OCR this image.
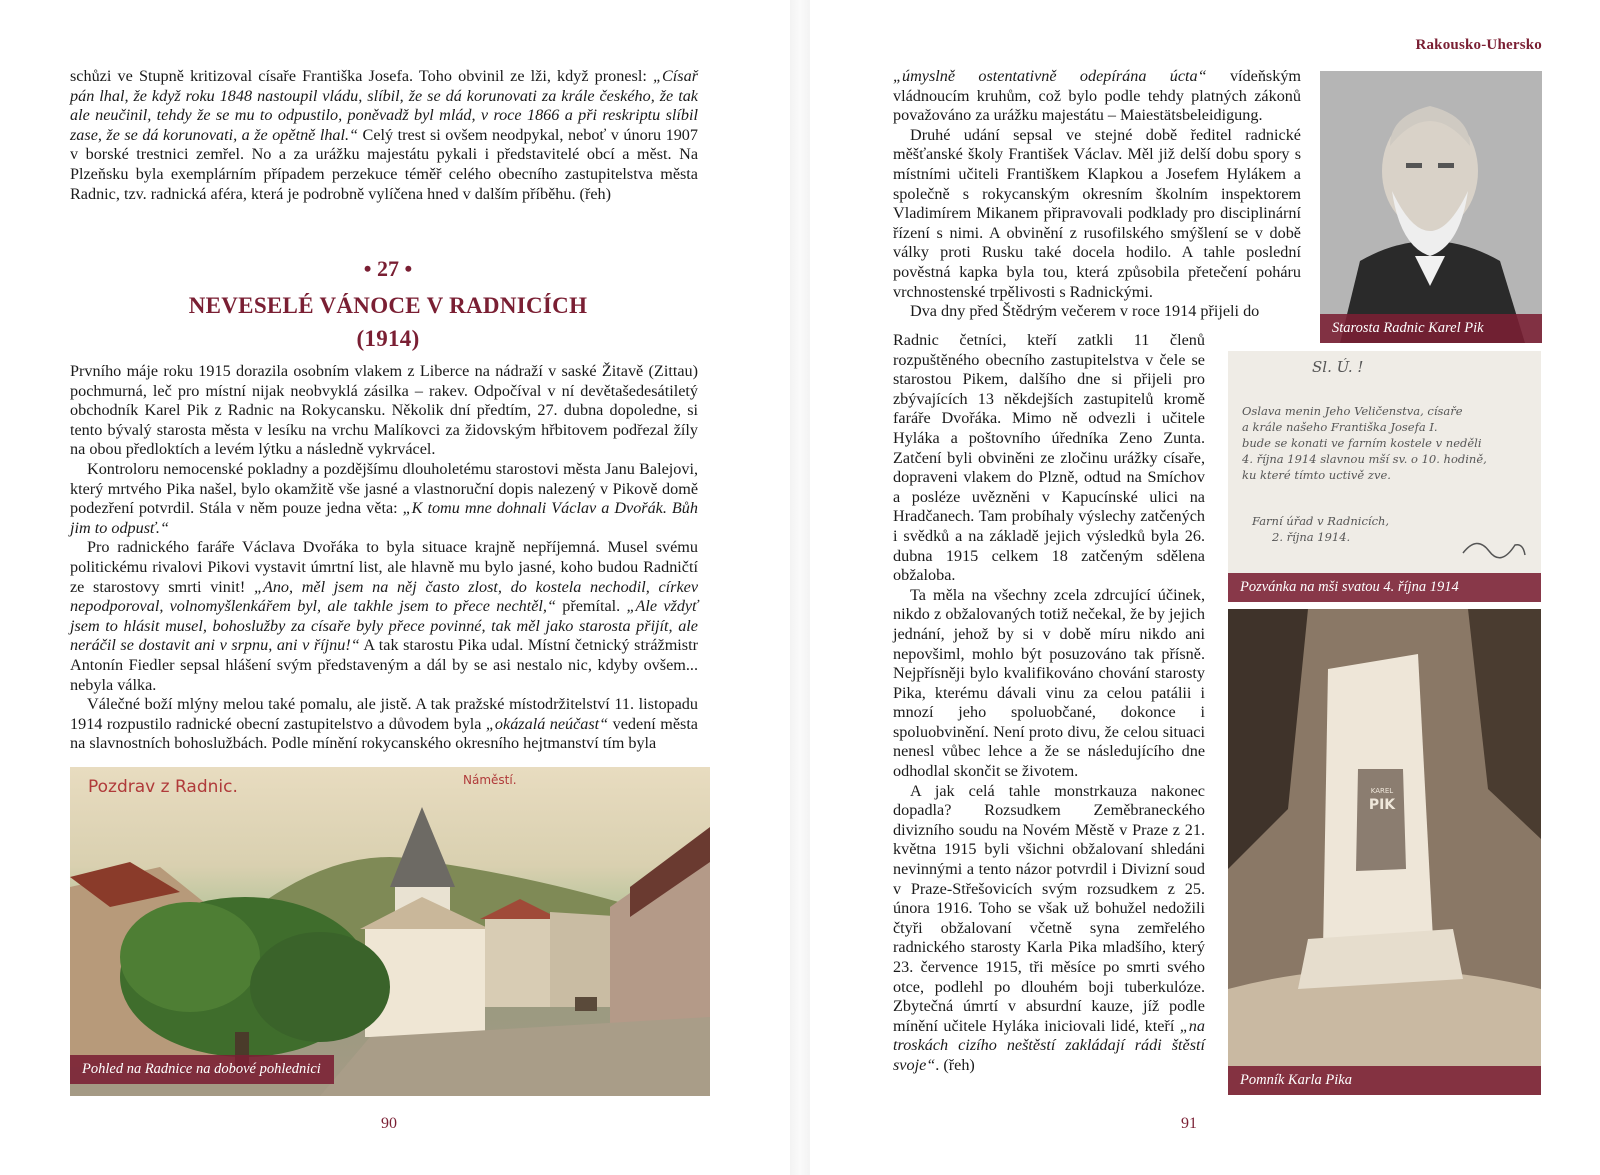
schůzi ve Stupně kritizoval císaře Františka Josefa. Toho obvinil ze lži, když pronesl: „Císař pán lhal, že když roku 1848 nastoupil vládu, slíbil, že se dá korunovati za krále českého, že tak ale neučinil, tehdy že se mu to odpustilo, poněvadž byl mlád, v roce 1866 a při reskriptu slíbil zase, že se dá korunovati, a že opětně lhal.“ Celý trest si ovšem neodpykal, neboť v únoru 1907 v borské trestnici zemřel. No a za urážku majestátu pykali i představitelé obcí a měst. Na Plzeňsku byla exemplárním případem perzekuce téměř celého obecního zastupitelstva města Radnic, tzv. radnická aféra, která je podrobně vylíčena hned v dalším příběhu. (řeh)

• 27 •
NEVESELÉ VÁNOCE V RADNICÍCH
(1914)

Prvního máje roku 1915 dorazila osobním vlakem z Liberce na nádraží v saské Žitavě (Zittau) pochmurná, leč pro místní nijak neobvyklá zásilka – rakev. Odpočíval v ní devětašedesátiletý obchodník Karel Pik z Radnic na Rokycansku. Několik dní předtím, 27. dubna dopoledne, si tento bývalý starosta města v lesíku na vrchu Malíkovci za židovským hřbitovem podřezal žíly na obou předloktích a levém lýtku a následně vykrvácel.

Kontroloru nemocenské pokladny a pozdějšímu dlouholetému starostovi města Janu Balejovi, který mrtvého Pika našel, bylo okamžitě vše jasné a vlastnoruční dopis nalezený v Pikově domě podezření potvrdil. Stála v něm pouze jedna věta: „K tomu mne dohnali Václav a Dvořák. Bůh jim to odpusť.“

Pro radnického faráře Václava Dvořáka to byla situace krajně nepříjemná. Musel svému politickému rivalovi Pikovi vystavit úmrtní list, ale hlavně mu bylo jasné, koho budou Radničtí ze starostovy smrti vinit! „Ano, měl jsem na něj často zlost, do kostela nechodil, církev nepodporoval, volnomyšlenkářem byl, ale takhle jsem to přece nechtěl,“ přemítal. „Ale vždyť jsem to hlásit musel, bohoslužby za císaře byly přece povinné, tak měl jako starosta přijít, ale neráčil se dostavit ani v srpnu, ani v říjnu!“ A tak starostu Pika udal. Místní četnický strážmistr Antonín Fiedler sepsal hlášení svým představeným a dál by se asi nestalo nic, kdyby ovšem... nebyla válka.

Válečné boží mlýny melou také pomalu, ale jistě. A tak pražské místodržitelství 11. listopadu 1914 rozpustilo radnické obecní zastupitelstvo a důvodem byla „okázalá neúčast“ vedení města na slavnostních bohoslužbách. Podle mínění rokycanského okresního hejtmanství tím byla

Pozdrav z Radnic.	Náměstí.
Pohled na Radnice na dobové pohlednici
90
Rakousko-Uhersko

„úmyslně ostentativně odepírána úcta“ vídeňským vládnoucím kruhům, což bylo podle tehdy platných zákonů považováno za urážku majestátu – Maiestätsbeleidigung.

Druhé udání sepsal ve stejné době ředitel radnické měšťanské školy František Václav. Měl již delší dobu spory s místními učiteli Františkem Klapkou a Josefem Hylákem a společně s rokycanským okresním školním inspektorem Vladimírem Mikanem připravovali podklady pro disciplinární řízení s nimi. A obvinění z rusofilského smýšlení se v době války proti Rusku také docela hodilo. A tahle poslední pověstná kapka byla tou, která způsobila přetečení poháru vrchnostenské trpělivosti s Radnickými.

Dva dny před Štědrým večerem v roce 1914 přijeli do

Radnic četníci, kteří zatkli 11 členů rozpuštěného obecního zastupitelstva v čele se starostou Pikem, dalšího dne si přijeli pro zbývajících 13 někdejších zastupitelů kromě faráře Dvořáka. Mimo ně odvezli i učitele Hyláka a poštovního úředníka Zeno Zunta. Zatčení byli obviněni ze zločinu urážky císaře, dopraveni vlakem do Plzně, odtud na Smíchov a posléze uvězněni v Kapucínské ulici na Hradčanech. Tam probíhaly výslechy zatčených i svědků a na základě jejich výsledků byla 26. dubna 1915 celkem 18 zatčeným sdělena obžaloba.

Ta měla na všechny zcela zdrcující účinek, nikdo z obžalovaných totiž nečekal, že by jejich jednání, jehož by si v době míru nikdo ani nepovšiml, mohlo být posuzováno tak přísně. Nejpřísněji bylo kvalifikováno chování starosty Pika, kterému dávali vinu za celou patálii i mnozí jeho spoluobčané, dokonce i spoluobvinění. Není proto divu, že celou situaci nenesl vůbec lehce a že se následujícího dne odhodlal skončit se životem.

A jak celá tahle monstrkauza nakonec dopadla? Rozsudkem Zeměbraneckého divizního soudu na Novém Městě v Praze z 21. května 1915 byli všichni obžalovaní shledáni nevinnými a tento názor potvrdil i Divizní soud v Praze-Střešovicích svým rozsudkem z 25. února 1916. Toho se však už bohužel nedožili čtyři obžalovaní včetně syna zemřelého radnického starosty Karla Pika mladšího, který 23. července 1915, tři měsíce po smrti svého otce, podlehl po dlouhém boji tuberkulóze. Zbytečná úmrtí v absurdní kauze, jíž podle mínění učitele Hyláka iniciovali lidé, kteří „na troskách cizího neštěstí zakládají rádi štěstí svoje“. (řeh)

Starosta Radnic Karel Pik
Sl. Ú. !
Oslava menin Jeho Veličenstva, císaře
a krále našeho Františka Josefa I.
bude se konati ve farním kostele v neděli
4. října 1914 slavnou mší sv. o 10. hodině,
ku které tímto uctivě zve.
Farní úřad v Radnicích,
2. října 1914.
Pozvánka na mši svatou 4. října 1914
KAREL
PIK
Pomník Karla Pika
91
